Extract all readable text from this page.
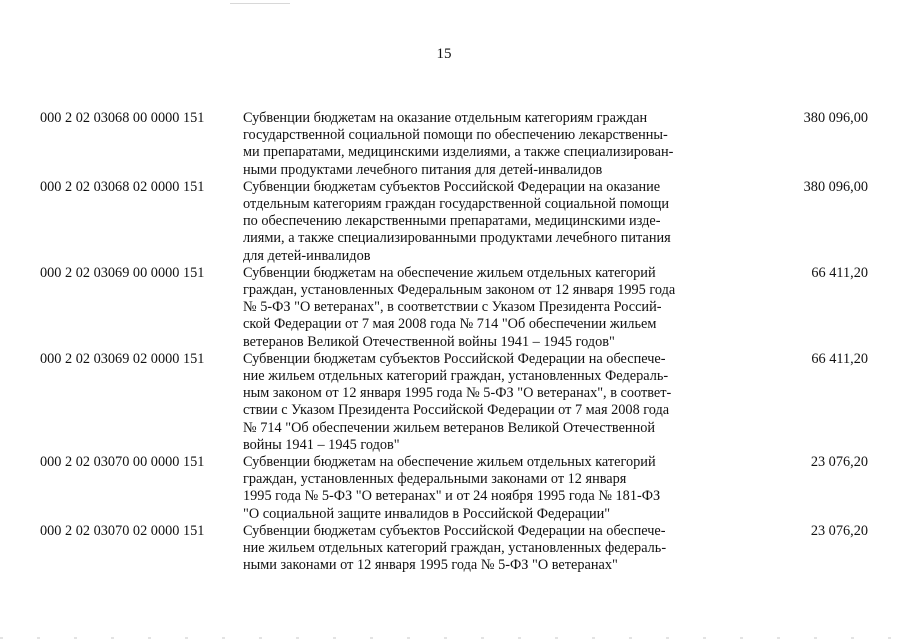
15
000 2 02 03068 00 0000 151	Субвенции бюджетам на оказание отдельным категориям граждан
государственной социальной помощи по обеспечению лекарственны-
ми препаратами, медицинскими изделиями, а также специализирован-
ными продуктами лечебного питания для детей-инвалидов
380 096,00
000 2 02 03068 02 0000 151	Субвенции бюджетам субъектов Российской Федерации на оказание
отдельным категориям граждан государственной социальной помощи
по обеспечению лекарственными препаратами, медицинскими изде-
лиями, а также специализированными продуктами лечебного питания
для детей-инвалидов
380 096,00
000 2 02 03069 00 0000 151	Субвенции бюджетам на обеспечение жильем отдельных категорий
граждан, установленных Федеральным законом от 12 января 1995 года
№ 5-ФЗ "О ветеранах", в соответствии с Указом Президента Россий-
ской Федерации от 7 мая 2008 года № 714 "Об обеспечении жильем
ветеранов Великой Отечественной войны 1941 – 1945 годов"
66 411,20
000 2 02 03069 02 0000 151	Субвенции бюджетам субъектов Российской Федерации на обеспече-
ние жильем отдельных категорий граждан, установленных Федераль-
ным законом от 12 января 1995 года № 5-ФЗ "О ветеранах", в соответ-
ствии с Указом Президента Российской Федерации от 7 мая 2008 года
№ 714 "Об обеспечении жильем ветеранов Великой Отечественной
войны 1941 – 1945 годов"
66 411,20
000 2 02 03070 00 0000 151	Субвенции бюджетам на обеспечение жильем отдельных категорий
граждан, установленных федеральными законами от 12 января
1995 года № 5-ФЗ "О ветеранах" и от 24 ноября 1995 года № 181-ФЗ
"О социальной защите инвалидов в Российской Федерации"
23 076,20
000 2 02 03070 02 0000 151	Субвенции бюджетам субъектов Российской Федерации на обеспече-
ние жильем отдельных категорий граждан, установленных федераль-
ными законами от 12 января 1995 года № 5-ФЗ "О ветеранах"
23 076,20
